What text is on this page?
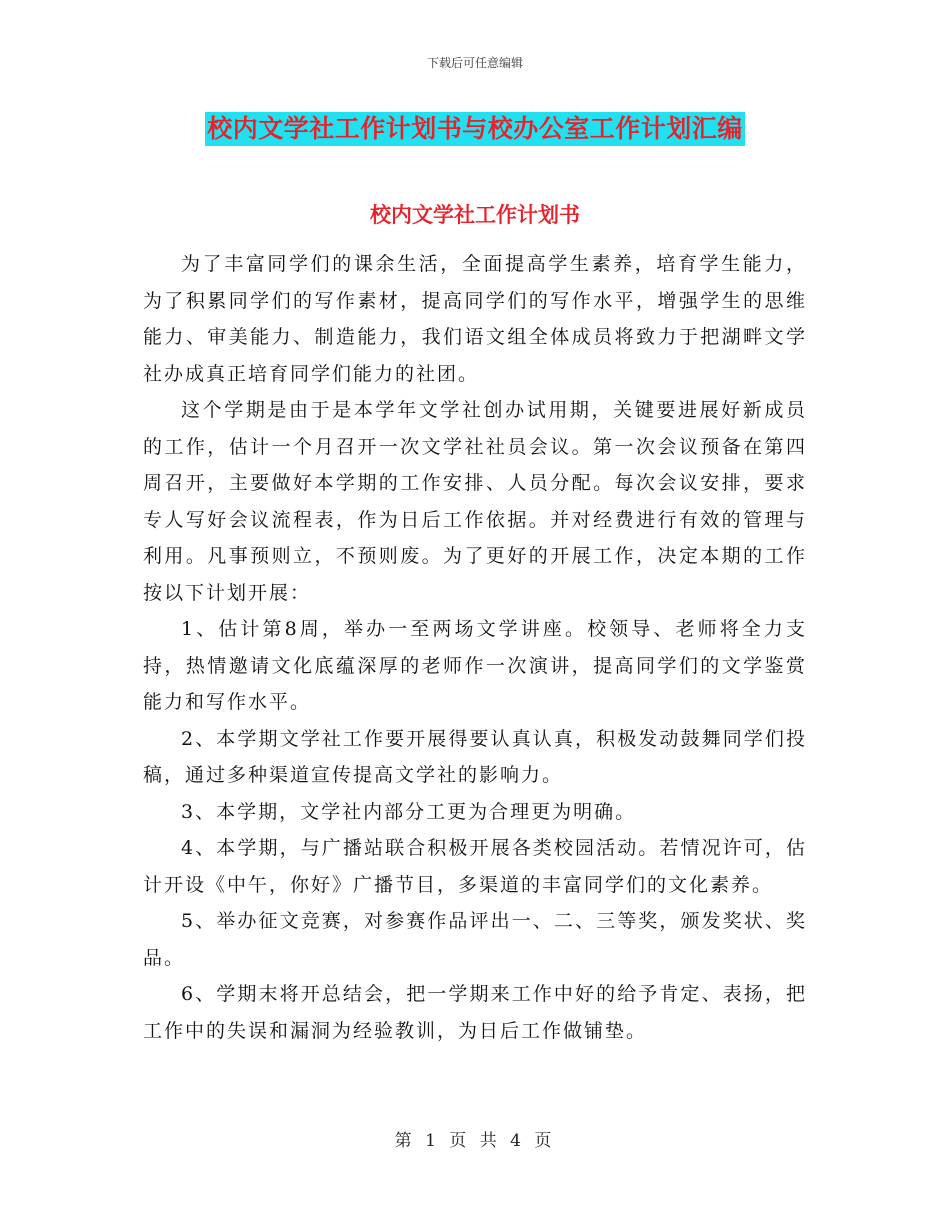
下载后可任意编辑
校内文学社工作计划书与校办公室工作计划汇编
校内文学社工作计划书

为了丰富同学们的课余生活，全面提高学生素养，培育学生能力，为了积累同学们的写作素材，提高同学们的写作水平，增强学生的思维能力、审美能力、制造能力，我们语文组全体成员将致力于把湖畔文学社办成真正培育同学们能力的社团。

这个学期是由于是本学年文学社创办试用期，关键要进展好新成员的工作，估计一个月召开一次文学社社员会议。第一次会议预备在第四周召开，主要做好本学期的工作安排、人员分配。每次会议安排，要求专人写好会议流程表，作为日后工作依据。并对经费进行有效的管理与利用。凡事预则立，不预则废。为了更好的开展工作，决定本期的工作按以下计划开展：

1、估计第8周，举办一至两场文学讲座。校领导、老师将全力支持，热情邀请文化底蕴深厚的老师作一次演讲，提高同学们的文学鉴赏能力和写作水平。

2、本学期文学社工作要开展得要认真认真，积极发动鼓舞同学们投稿，通过多种渠道宣传提高文学社的影响力。

3、本学期，文学社内部分工更为合理更为明确。

4、本学期，与广播站联合积极开展各类校园活动。若情况许可，估计开设《中午，你好》广播节目，多渠道的丰富同学们的文化素养。

5、举办征文竞赛，对参赛作品评出一、二、三等奖，颁发奖状、奖品。

6、学期末将开总结会，把一学期来工作中好的给予肯定、表扬，把工作中的失误和漏洞为经验教训，为日后工作做铺垫。

第 1 页 共 4 页
